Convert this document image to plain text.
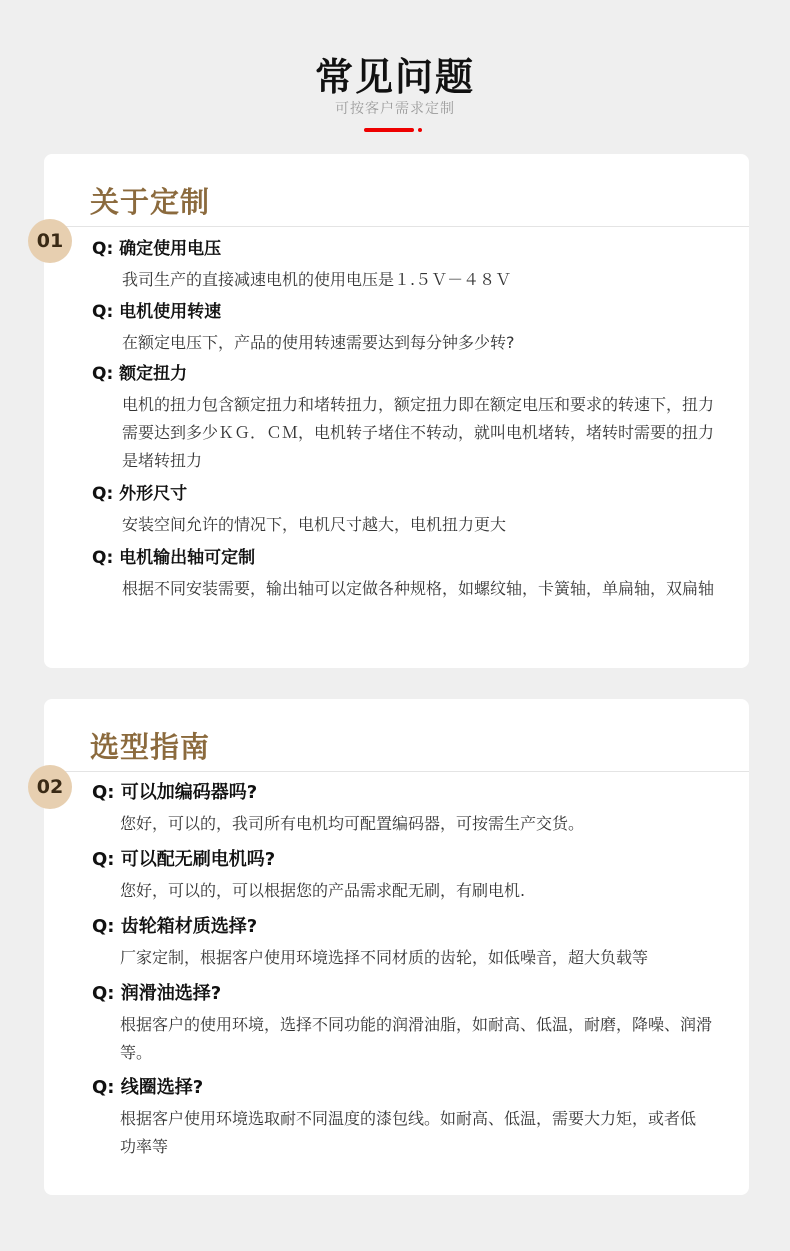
常见问题
可按客户需求定制
关于定制
Q: 确定使用电压
我司生产的直接减速电机的使用电压是１.５Ｖ－４８Ｖ
Q: 电机使用转速
在额定电压下，产品的使用转速需要达到每分钟多少转?
Q: 额定扭力
电机的扭力包含额定扭力和堵转扭力，额定扭力即在额定电压和要求的转速下，扭力需要达到多少ＫＧ．ＣＭ，电机转子堵住不转动，就叫电机堵转，堵转时需要的扭力是堵转扭力
Q: 外形尺寸
安装空间允许的情况下，电机尺寸越大，电机扭力更大
Q: 电机输出轴可定制
根据不同安装需要，输出轴可以定做各种规格，如螺纹轴，卡簧轴，单扁轴，双扁轴
01
选型指南
Q: 可以加编码器吗?
您好，可以的，我司所有电机均可配置编码器，可按需生产交货。
Q: 可以配无刷电机吗?
您好，可以的，可以根据您的产品需求配无刷，有刷电机.
Q: 齿轮箱材质选择?
厂家定制，根据客户使用环境选择不同材质的齿轮，如低噪音，超大负载等
Q: 润滑油选择?
根据客户的使用环境，选择不同功能的润滑油脂，如耐高、低温，耐磨，降噪、润滑等。
Q: 线圈选择?
根据客户使用环境选取耐不同温度的漆包线。如耐高、低温，需要大力矩，或者低功率等
02
